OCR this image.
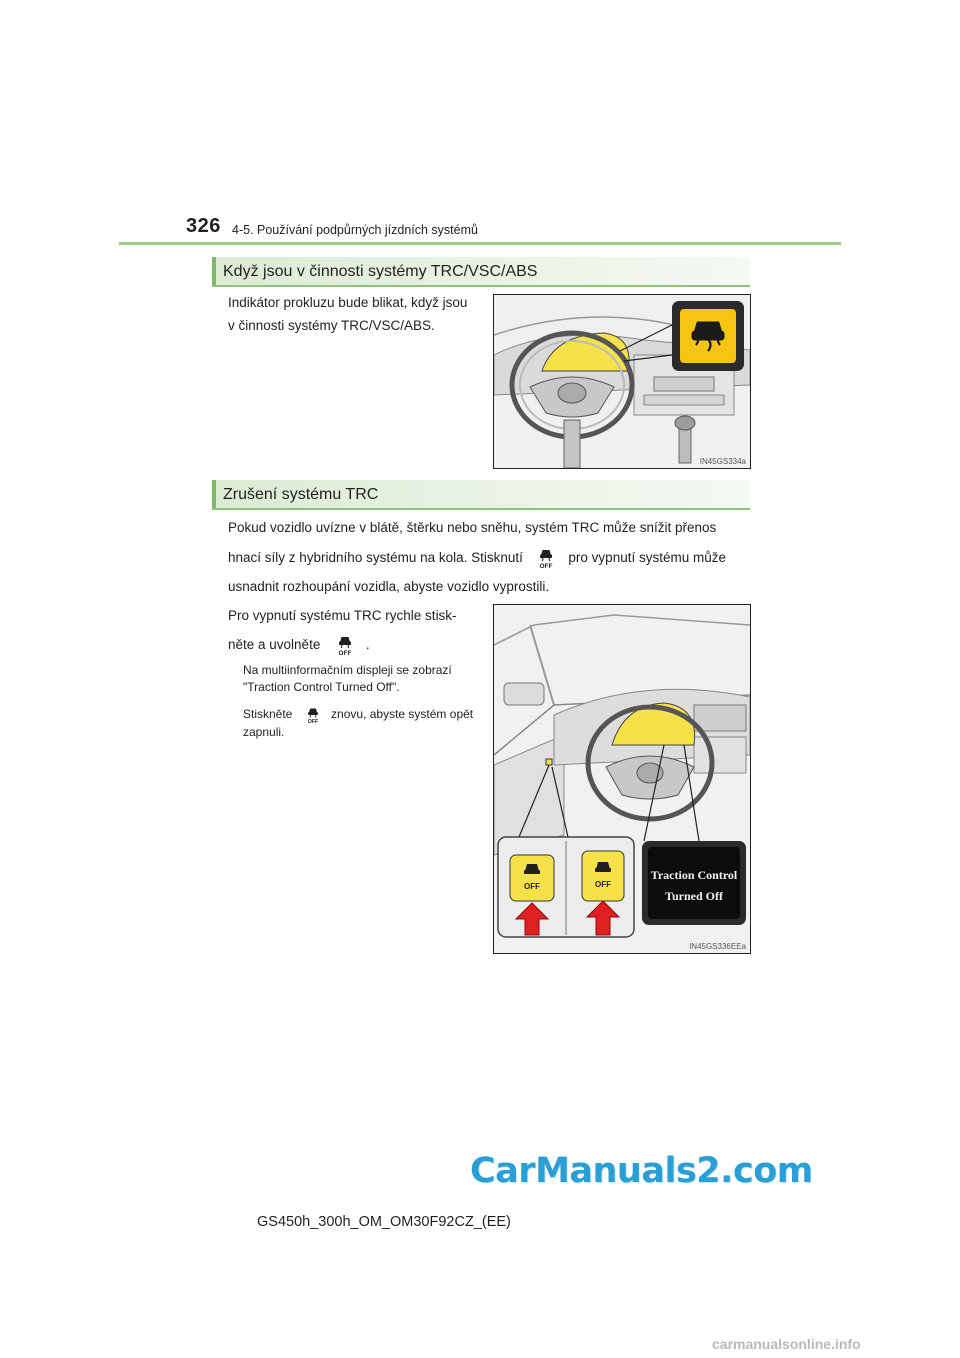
326 4-5. Používání podpůrných jízdních systémů
Když jsou v činnosti systémy TRC/VSC/ABS
Indikátor prokluzu bude blikat, když jsou
v činnosti systémy TRC/VSC/ABS.
IN45GS334a
Zrušení systému TRC
Pokud vozidlo uvízne v blátě, štěrku nebo sněhu, systém TRC může snížit přenos
hnací síly z hybridního systému na kola. Stisknutí
OFF
pro vypnutí systému může
usnadnit rozhoupání vozidla, abyste vozidlo vyprostili.
Pro vypnutí systému TRC rychle stisk-
něte a uvolněte
OFF
.
Na multiinformačním displeji se zobrazí
"Traction Control Turned Off".
Stiskněte
OFF
znovu, abyste systém opět
zapnuli.
OFF	OFF
Traction Control
Turned Off
IN45GS336EEa
GS450h_300h_OM_OM30F92CZ_(EE)
CarManuals2.com
carmanualsonline.info
